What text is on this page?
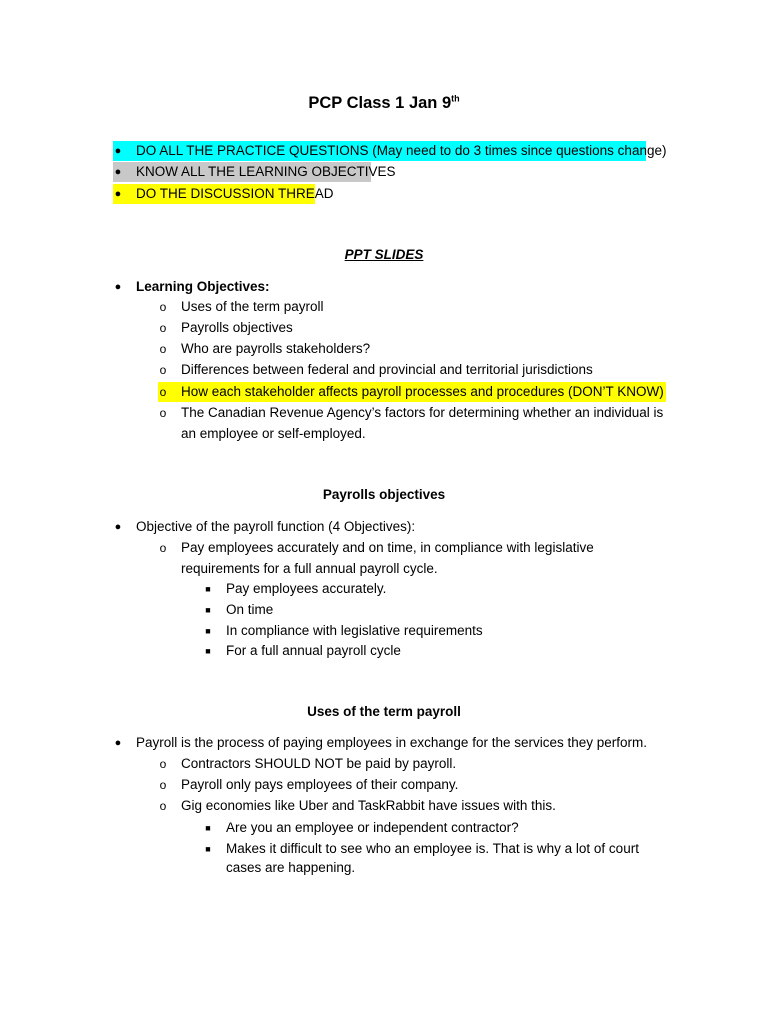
PCP Class 1 Jan 9th
●	DO ALL THE PRACTICE QUESTIONS (May need to do 3 times since questions change)
●	KNOW ALL THE LEARNING OBJECTIVES
●	DO THE DISCUSSION THREAD
PPT SLIDES
●	Learning Objectives:
o	Uses of the term payroll
o	Payrolls objectives
o	Who are payrolls stakeholders?
o	Differences between federal and provincial and territorial jurisdictions
o	How each stakeholder affects payroll processes and procedures (DON’T KNOW)
o	The Canadian Revenue Agency’s factors for determining whether an individual is
an employee or self-employed.
Payrolls objectives
●	Objective of the payroll function (4 Objectives):
o	Pay employees accurately and on time, in compliance with legislative
requirements for a full annual payroll cycle.
■	Pay employees accurately.
■	On time
■	In compliance with legislative requirements
■	For a full annual payroll cycle
Uses of the term payroll
●	Payroll is the process of paying employees in exchange for the services they perform.
o	Contractors SHOULD NOT be paid by payroll.
o	Payroll only pays employees of their company.
o	Gig economies like Uber and TaskRabbit have issues with this.
■	Are you an employee or independent contractor?
■	Makes it difficult to see who an employee is. That is why a lot of court
cases are happening.
